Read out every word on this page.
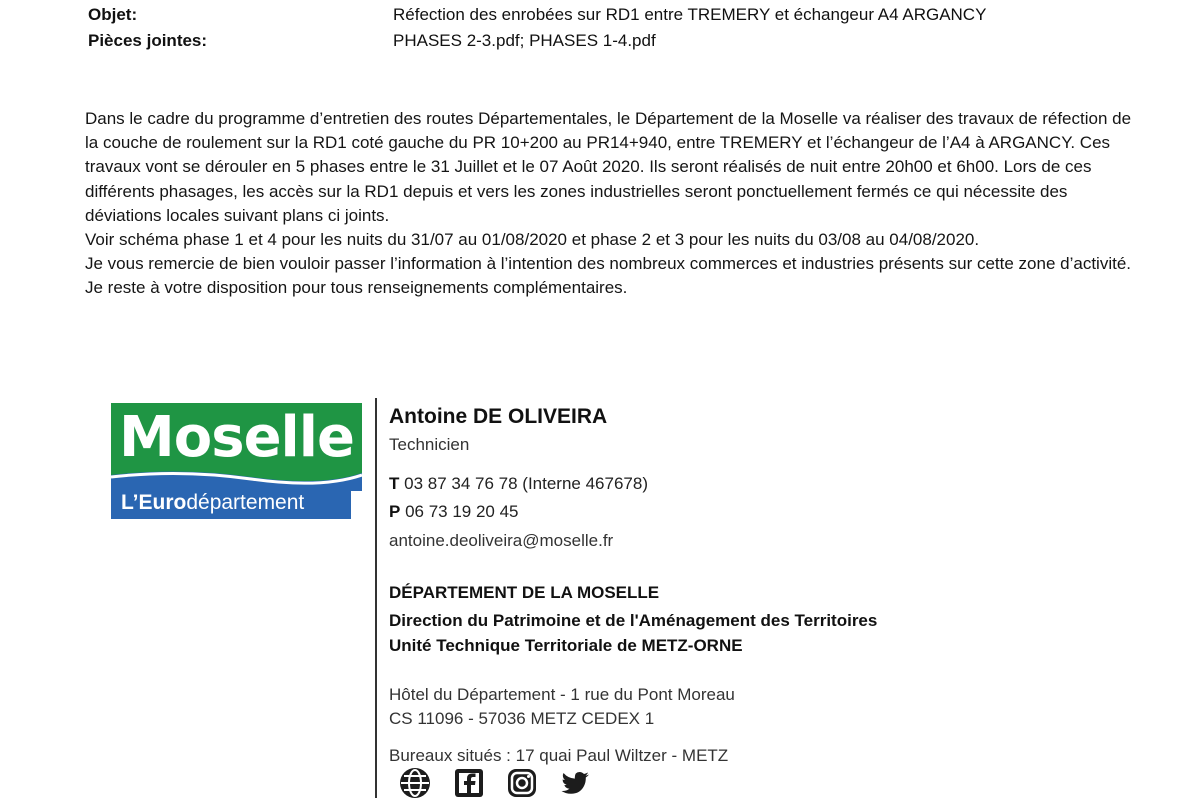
Objet:	Réfection des enrobées sur RD1 entre TREMERY et échangeur A4 ARGANCY
Pièces jointes:	PHASES 2-3.pdf; PHASES 1-4.pdf

Dans le cadre du programme d’entretien des routes Départementales, le Département de la Moselle va réaliser des travaux de réfection de la couche de roulement sur la RD1 coté gauche du PR 10+200 au PR14+940, entre TREMERY et l’échangeur de l’A4 à ARGANCY. Ces travaux vont se dérouler en 5 phases entre le 31 Juillet et le 07 Août 2020. Ils seront réalisés de nuit entre 20h00 et 6h00. Lors de ces différents phasages, les accès sur la RD1 depuis et vers les zones industrielles seront ponctuellement fermés ce qui nécessite des déviations locales suivant plans ci joints.

Voir schéma phase 1 et 4 pour les nuits du 31/07 au 01/08/2020 et phase 2 et 3 pour les nuits du 03/08 au 04/08/2020.

Je vous remercie de bien vouloir passer l’information à l’intention des nombreux commerces et industries présents sur cette zone d’activité.

Je reste à votre disposition pour tous renseignements complémentaires.

Moselle
L’Eurodépartement
Antoine DE OLIVEIRA
Technicien
T 03 87 34 76 78 (Interne 467678)
P 06 73 19 20 45
antoine.deoliveira@moselle.fr
DÉPARTEMENT DE LA MOSELLE
Direction du Patrimoine et de l'Aménagement des Territoires
Unité Technique Territoriale de METZ-ORNE
Hôtel du Département - 1 rue du Pont Moreau
CS 11096 - 57036 METZ CEDEX 1
Bureaux situés : 17 quai Paul Wiltzer - METZ
